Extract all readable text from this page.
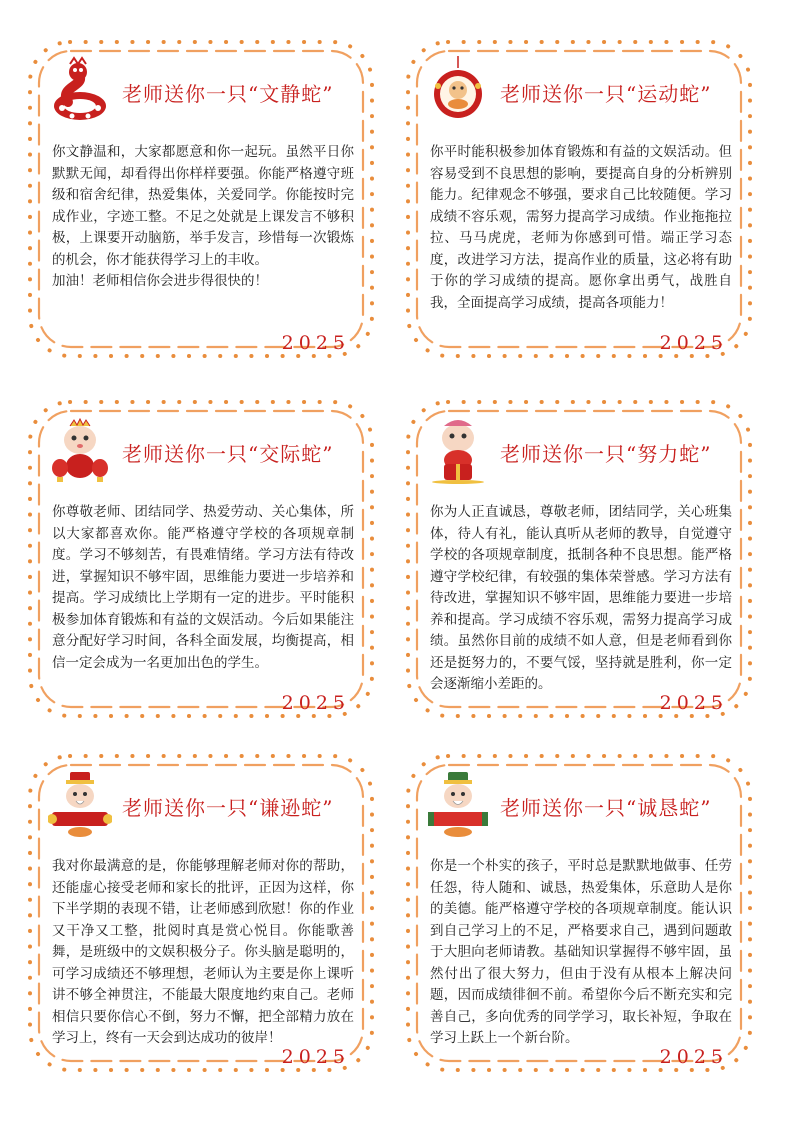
老师送你一只“文静蛇”

你文静温和，大家都愿意和你一起玩。虽然平日你默默无闻，却看得出你样样要强。你能严格遵守班级和宿舍纪律，热爱集体，关爱同学。你能按时完成作业，字迹工整。不足之处就是上课发言不够积极，上课要开动脑筋，举手发言，珍惜每一次锻炼的机会，你才能获得学习上的丰收。

加油！老师相信你会进步得很快的！

2025
老师送你一只“运动蛇”

你平时能积极参加体育锻炼和有益的文娱活动。但容易受到不良思想的影响，要提高自身的分析辨别能力。纪律观念不够强，要求自己比较随便。学习成绩不容乐观，需努力提高学习成绩。作业拖拖拉拉、马马虎虎，老师为你感到可惜。端正学习态度，改进学习方法，提高作业的质量，这必将有助于你的学习成绩的提高。愿你拿出勇气，战胜自我，全面提高学习成绩，提高各项能力！

2025
老师送你一只“交际蛇”

你尊敬老师、团结同学、热爱劳动、关心集体，所以大家都喜欢你。能严格遵守学校的各项规章制度。学习不够刻苦，有畏难情绪。学习方法有待改进，掌握知识不够牢固，思维能力要进一步培养和提高。学习成绩比上学期有一定的进步。平时能积极参加体育锻炼和有益的文娱活动。今后如果能注意分配好学习时间，各科全面发展，均衡提高，相信一定会成为一名更加出色的学生。

2025
老师送你一只“努力蛇”

你为人正直诚恳，尊敬老师，团结同学，关心班集体，待人有礼，能认真听从老师的教导，自觉遵守学校的各项规章制度，抵制各种不良思想。能严格遵守学校纪律，有较强的集体荣誉感。学习方法有待改进，掌握知识不够牢固，思维能力要进一步培养和提高。学习成绩不容乐观，需努力提高学习成绩。虽然你目前的成绩不如人意，但是老师看到你还是挺努力的，不要气馁，坚持就是胜利，你一定会逐渐缩小差距的。

2025
老师送你一只“谦逊蛇”

我对你最满意的是，你能够理解老师对你的帮助，还能虚心接受老师和家长的批评，正因为这样，你下半学期的表现不错，让老师感到欣慰！你的作业又干净又工整，批阅时真是赏心悦目。你能歌善舞，是班级中的文娱积极分子。你头脑是聪明的，可学习成绩还不够理想，老师认为主要是你上课听讲不够全神贯注，不能最大限度地约束自己。老师相信只要你信心不倒，努力不懈，把全部精力放在学习上，终有一天会到达成功的彼岸！

2025
老师送你一只“诚恳蛇”

你是一个朴实的孩子，平时总是默默地做事、任劳任怨，待人随和、诚恳，热爱集体，乐意助人是你的美德。能严格遵守学校的各项规章制度。能认识到自己学习上的不足，严格要求自己，遇到问题敢于大胆向老师请教。基础知识掌握得不够牢固，虽然付出了很大努力，但由于没有从根本上解决问题，因而成绩徘徊不前。希望你今后不断充实和完善自己，多向优秀的同学学习，取长补短，争取在学习上跃上一个新台阶。

2025
